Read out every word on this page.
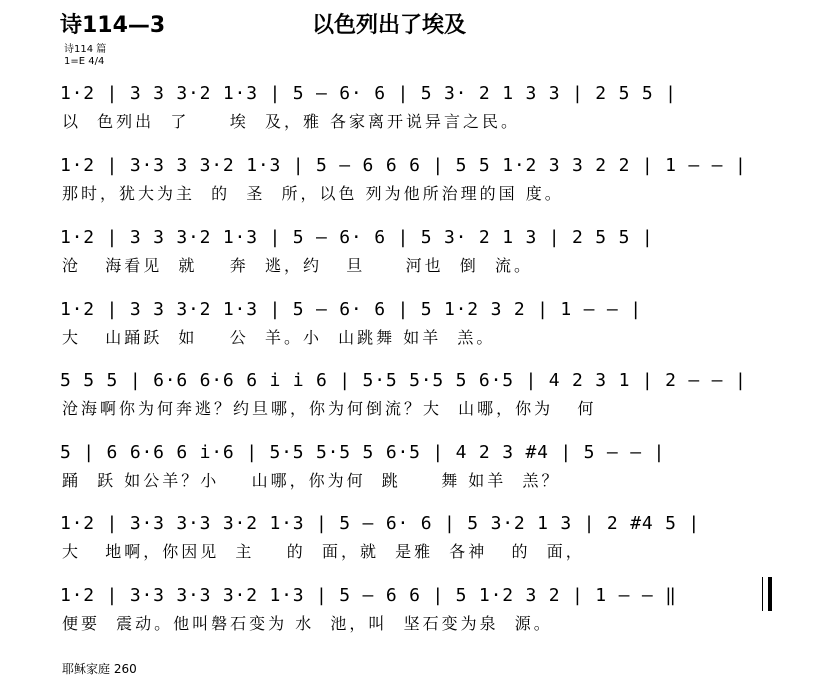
诗114—3	以色列出了埃及
诗114 篇
1=E 4/4
1·2 | 3 3 3·2 1·3 | 5 – 6· 6 | 5 3· 2 1 3 3 | 2 5 5 |
以  色列出  了     埃  及，雅 各家离开说异言之民。
1·2 | 3·3 3 3·2 1·3 | 5 – 6 6 6 | 5 5 1·2 3 3 2 2 | 1 – – |
那时，犹大为主  的  圣  所，以色 列为他所治理的国 度。
1·2 | 3 3 3·2 1·3 | 5 – 6· 6 | 5 3· 2 1 3 | 2 5 5 |
沧   海看见  就    奔  逃，约   旦     河也  倒  流。
1·2 | 3 3 3·2 1·3 | 5 – 6· 6 | 5 1·2 3 2 | 1 – – |
大   山踊跃  如    公  羊。小  山跳舞 如羊  羔。
5 5 5 | 6·6 6·6 6 i i 6 | 5·5 5·5 5 6·5 | 4 2 3 1 | 2 – – |
沧海啊你为何奔逃？约旦哪，你为何倒流？大  山哪，你为   何
5 | 6 6·6 6 i·6 | 5·5 5·5 5 6·5 | 4 2 3 #4 | 5 – – |
踊  跃 如公羊？小    山哪，你为何  跳     舞 如羊  羔？
1·2 | 3·3 3·3 3·2 1·3 | 5 – 6· 6 | 5 3·2 1 3 | 2 #4 5 |
大   地啊，你因见  主    的  面，就  是雅  各神   的  面，
1·2 | 3·3 3·3 3·2 1·3 | 5 – 6 6 | 5 1·2 3 2 | 1 – – ‖
便要  震动。他叫磐石变为 水  池，叫  坚石变为泉  源。
耶稣家庭 260
